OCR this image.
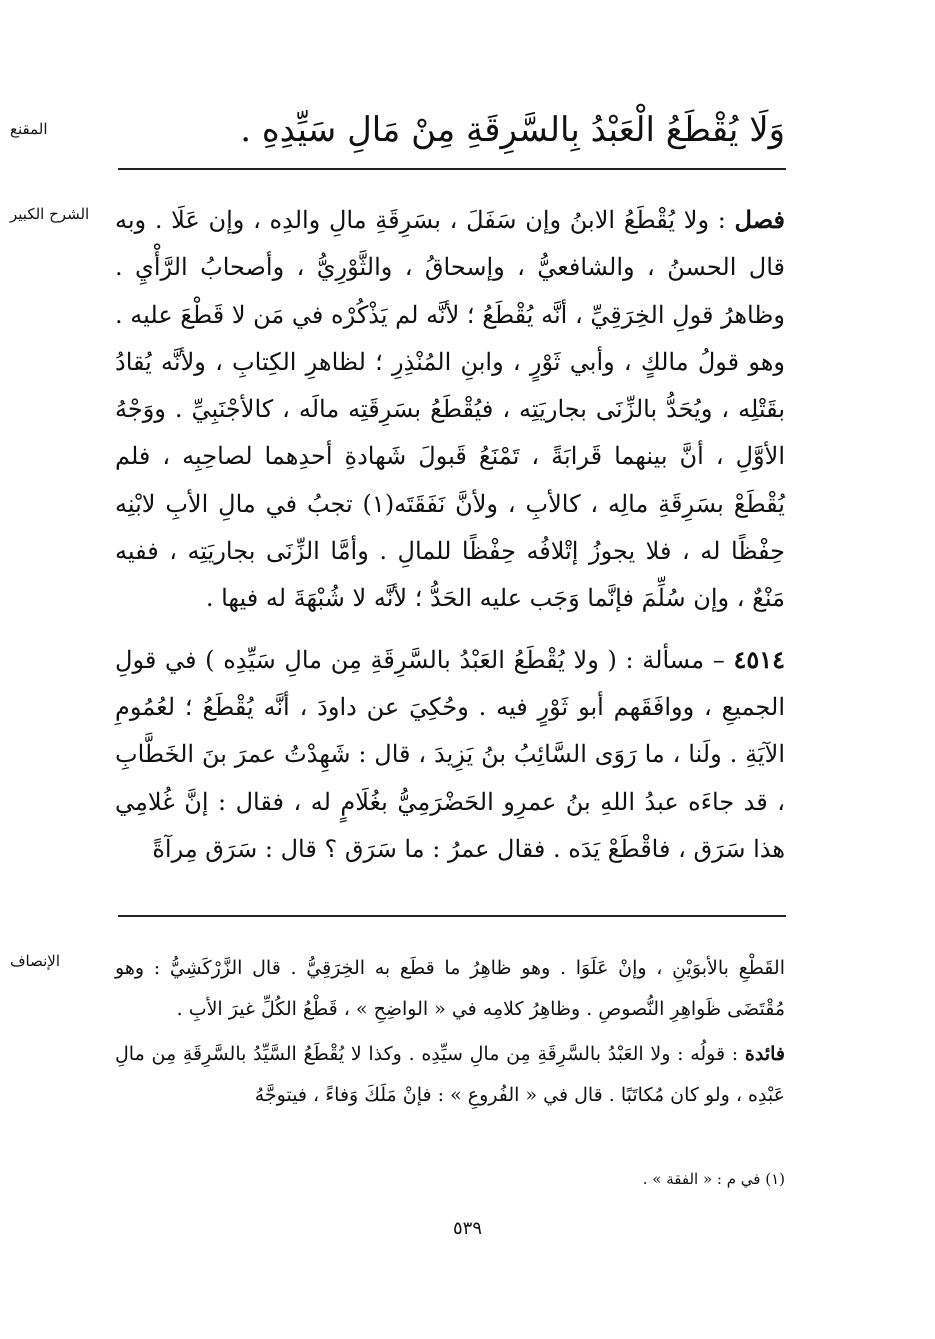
المقنع
الشرح الكبير
الإنصاف
وَلَا يُقْطَعُ الْعَبْدُ بِالسَّرِقَةِ مِنْ مَالِ سَيِّدِهِ .

فصل : ولا يُقْطَعُ الابنُ وإن سَفَلَ ، بسَرِقَةِ مالِ والدِه ، وإن عَلَا . وبه قال الحسنُ ، والشافعيُّ ، وإسحاقُ ، والثَّوْرِيُّ ، وأصحابُ الرَّأْيِ . وظاهرُ قولِ الخِرَقِيِّ ، أنَّه يُقْطَعُ ؛ لأنَّه لم يَذْكُرْه في مَن لا قَطْعَ عليه . وهو قولُ مالكٍ ، وأبي ثَوْرٍ ، وابنِ المُنْذِرِ ؛ لظاهرِ الكِتابِ ، ولأنَّه يُقادُ بقَتْلِه ، ويُحَدُّ بالزِّنَى بجاريَتِه ، فيُقْطَعُ بسَرِقَتِه مالَه ، كالأجْنَبِيِّ . ووَجْهُ الأوَّلِ ، أنَّ بينهما قَرابَةً ، تَمْنَعُ قَبولَ شَهادةِ أحدِهما لصاحِبِه ، فلم يُقْطَعْ بسَرِقَةِ مالِه ، كالأبِ ، ولأنَّ نَفَقَتَه(١) تجبُ في مالِ الأبِ لابْنِه حِفْظًا له ، فلا يجوزُ إتْلافُه حِفْظًا للمالِ . وأمَّا الزِّنَى بجاريَتِه ، ففيه مَنْعٌ ، وإن سُلِّمَ فإنَّما وَجَب عليه الحَدُّ ؛ لأنَّه لا شُبْهَةَ له فيها .

٤٥١٤ – مسألة : ( ولا يُقْطَعُ العَبْدُ بالسَّرِقَةِ مِن مالِ سَيِّدِه ) في قولِ الجميعِ ، ووافَقَهم أبو ثَوْرٍ فيه . وحُكِيَ عن داودَ ، أنَّه يُقْطَعُ ؛ لعُمُومِ الآيَةِ . ولَنا ، ما رَوَى السَّائِبُ بنُ يَزِيدَ ، قال : شَهِدْتُ عمرَ بنَ الخَطَّابِ ، قد جاءَه عبدُ اللهِ بنُ عمرِو الحَضْرَمِيُّ بغُلَامٍ له ، فقال : إنَّ غُلامِي هذا سَرَق ، فاقْطَعْ يَدَه . فقال عمرُ : ما سَرَق ؟ قال : سَرَق مِرآةً

القَطْعِ بالأبوَيْنِ ، وإنْ عَلَوَا . وهو ظاهِرُ ما قطَع به الخِرَقِيُّ . قال الزَّرْكَشِيُّ : وهو مُقْتَضَى ظَواهِرِ النُّصوصِ . وظاهِرُ كلامِه في « الواضِحِ » ، قَطْعُ الكُلِّ غيرَ الأبِ .

فائدة : قولُه : ولا العَبْدُ بالسَّرِقَةِ مِن مالِ سيِّدِه . وكذا لا يُقْطَعُ السَّيِّدُ بالسَّرِقَةِ مِن مالِ عَبْدِه ، ولو كان مُكاتَبًا . قال في « الفُروعِ » : فإنْ مَلَكَ وَفاءً ، فيتوجَّهُ

(١) في م : « الفقة » .
٥٣٩
